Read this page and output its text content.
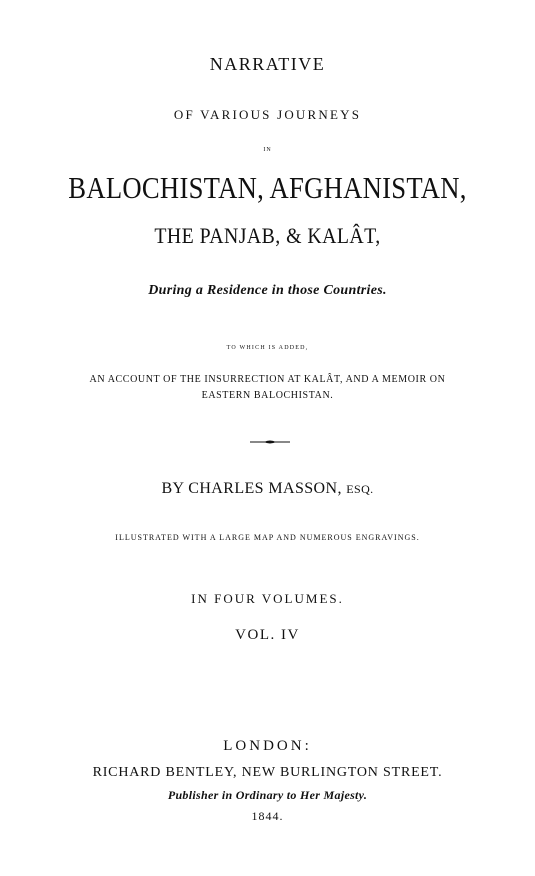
NARRATIVE
OF VARIOUS JOURNEYS
IN
BALOCHISTAN, AFGHANISTAN,
THE PANJAB, & KALÂT,
During a Residence in those Countries.
TO WHICH IS ADDED,
AN ACCOUNT OF THE INSURRECTION AT KALÂT, AND A MEMOIR ON
EASTERN BALOCHISTAN.
BY CHARLES MASSON, ESQ.
ILLUSTRATED WITH A LARGE MAP AND NUMEROUS ENGRAVINGS.
IN FOUR VOLUMES.
VOL. IV
LONDON:
RICHARD BENTLEY, NEW BURLINGTON STREET.
Publisher in Ordinary to Her Majesty.
1844.
